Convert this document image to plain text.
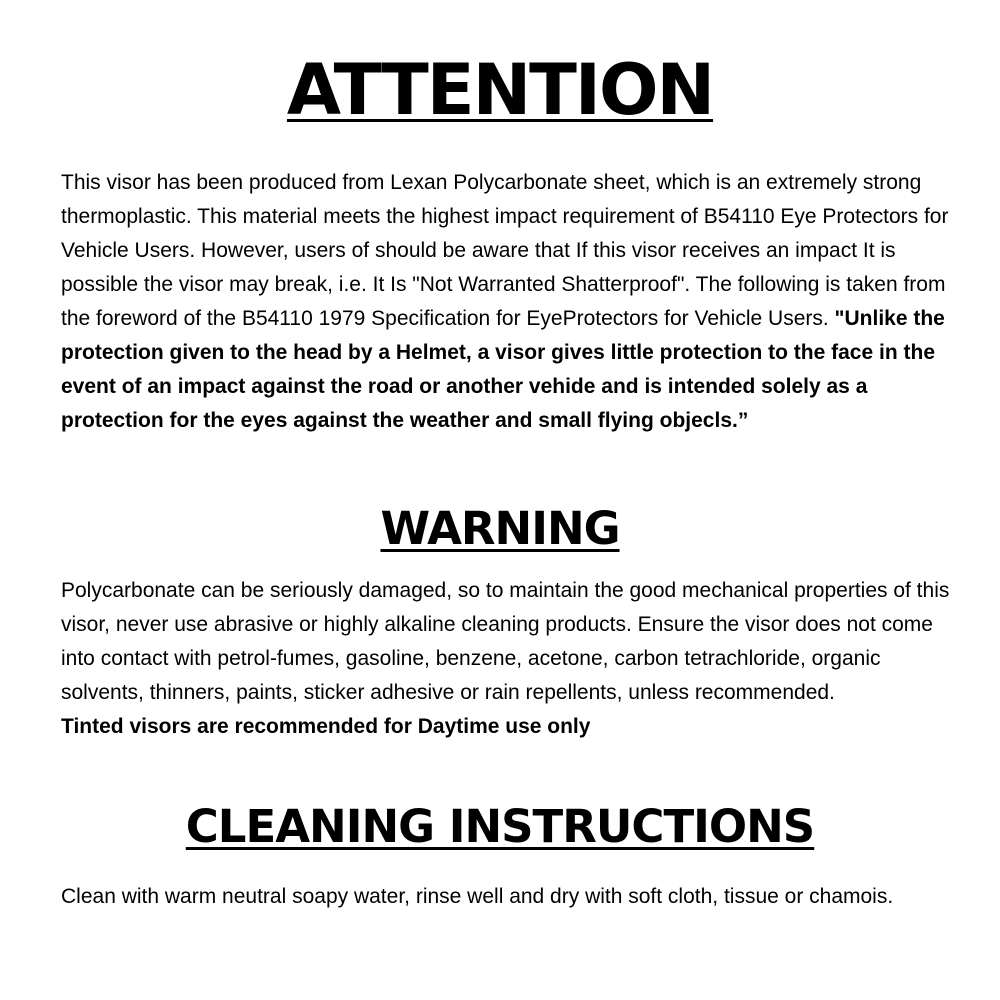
ATTENTION

This visor has been produced from Lexan Polycarbonate sheet, which is an extremely strong thermoplastic. This material meets the highest impact requirement of B54110 Eye Protectors for Vehicle Users. However, users of should be aware that If this visor receives an impact It is possible the visor may break, i.e. It Is "Not Warranted Shatterproof". The following is taken from the foreword of the B54110 1979 Specification for EyeProtectors for Vehicle Users. "Unlike the protection given to the head by a Helmet, a visor gives little protection to the face in the event of an impact against the road or another vehide and is intended solely as a protection for the eyes against the weather and small flying objecls.”

WARNING

Polycarbonate can be seriously damaged, so to maintain the good mechanical properties of this visor, never use abrasive or highly alkaline cleaning products. Ensure the visor does not come into contact with petrol-fumes, gasoline, benzene, acetone, carbon tetrachloride, organic solvents, thinners, paints, sticker adhesive or rain repellents, unless recommended.
Tinted visors are recommended for Daytime use only

CLEANING INSTRUCTIONS

Clean with warm neutral soapy water, rinse well and dry with soft cloth, tissue or chamois.
